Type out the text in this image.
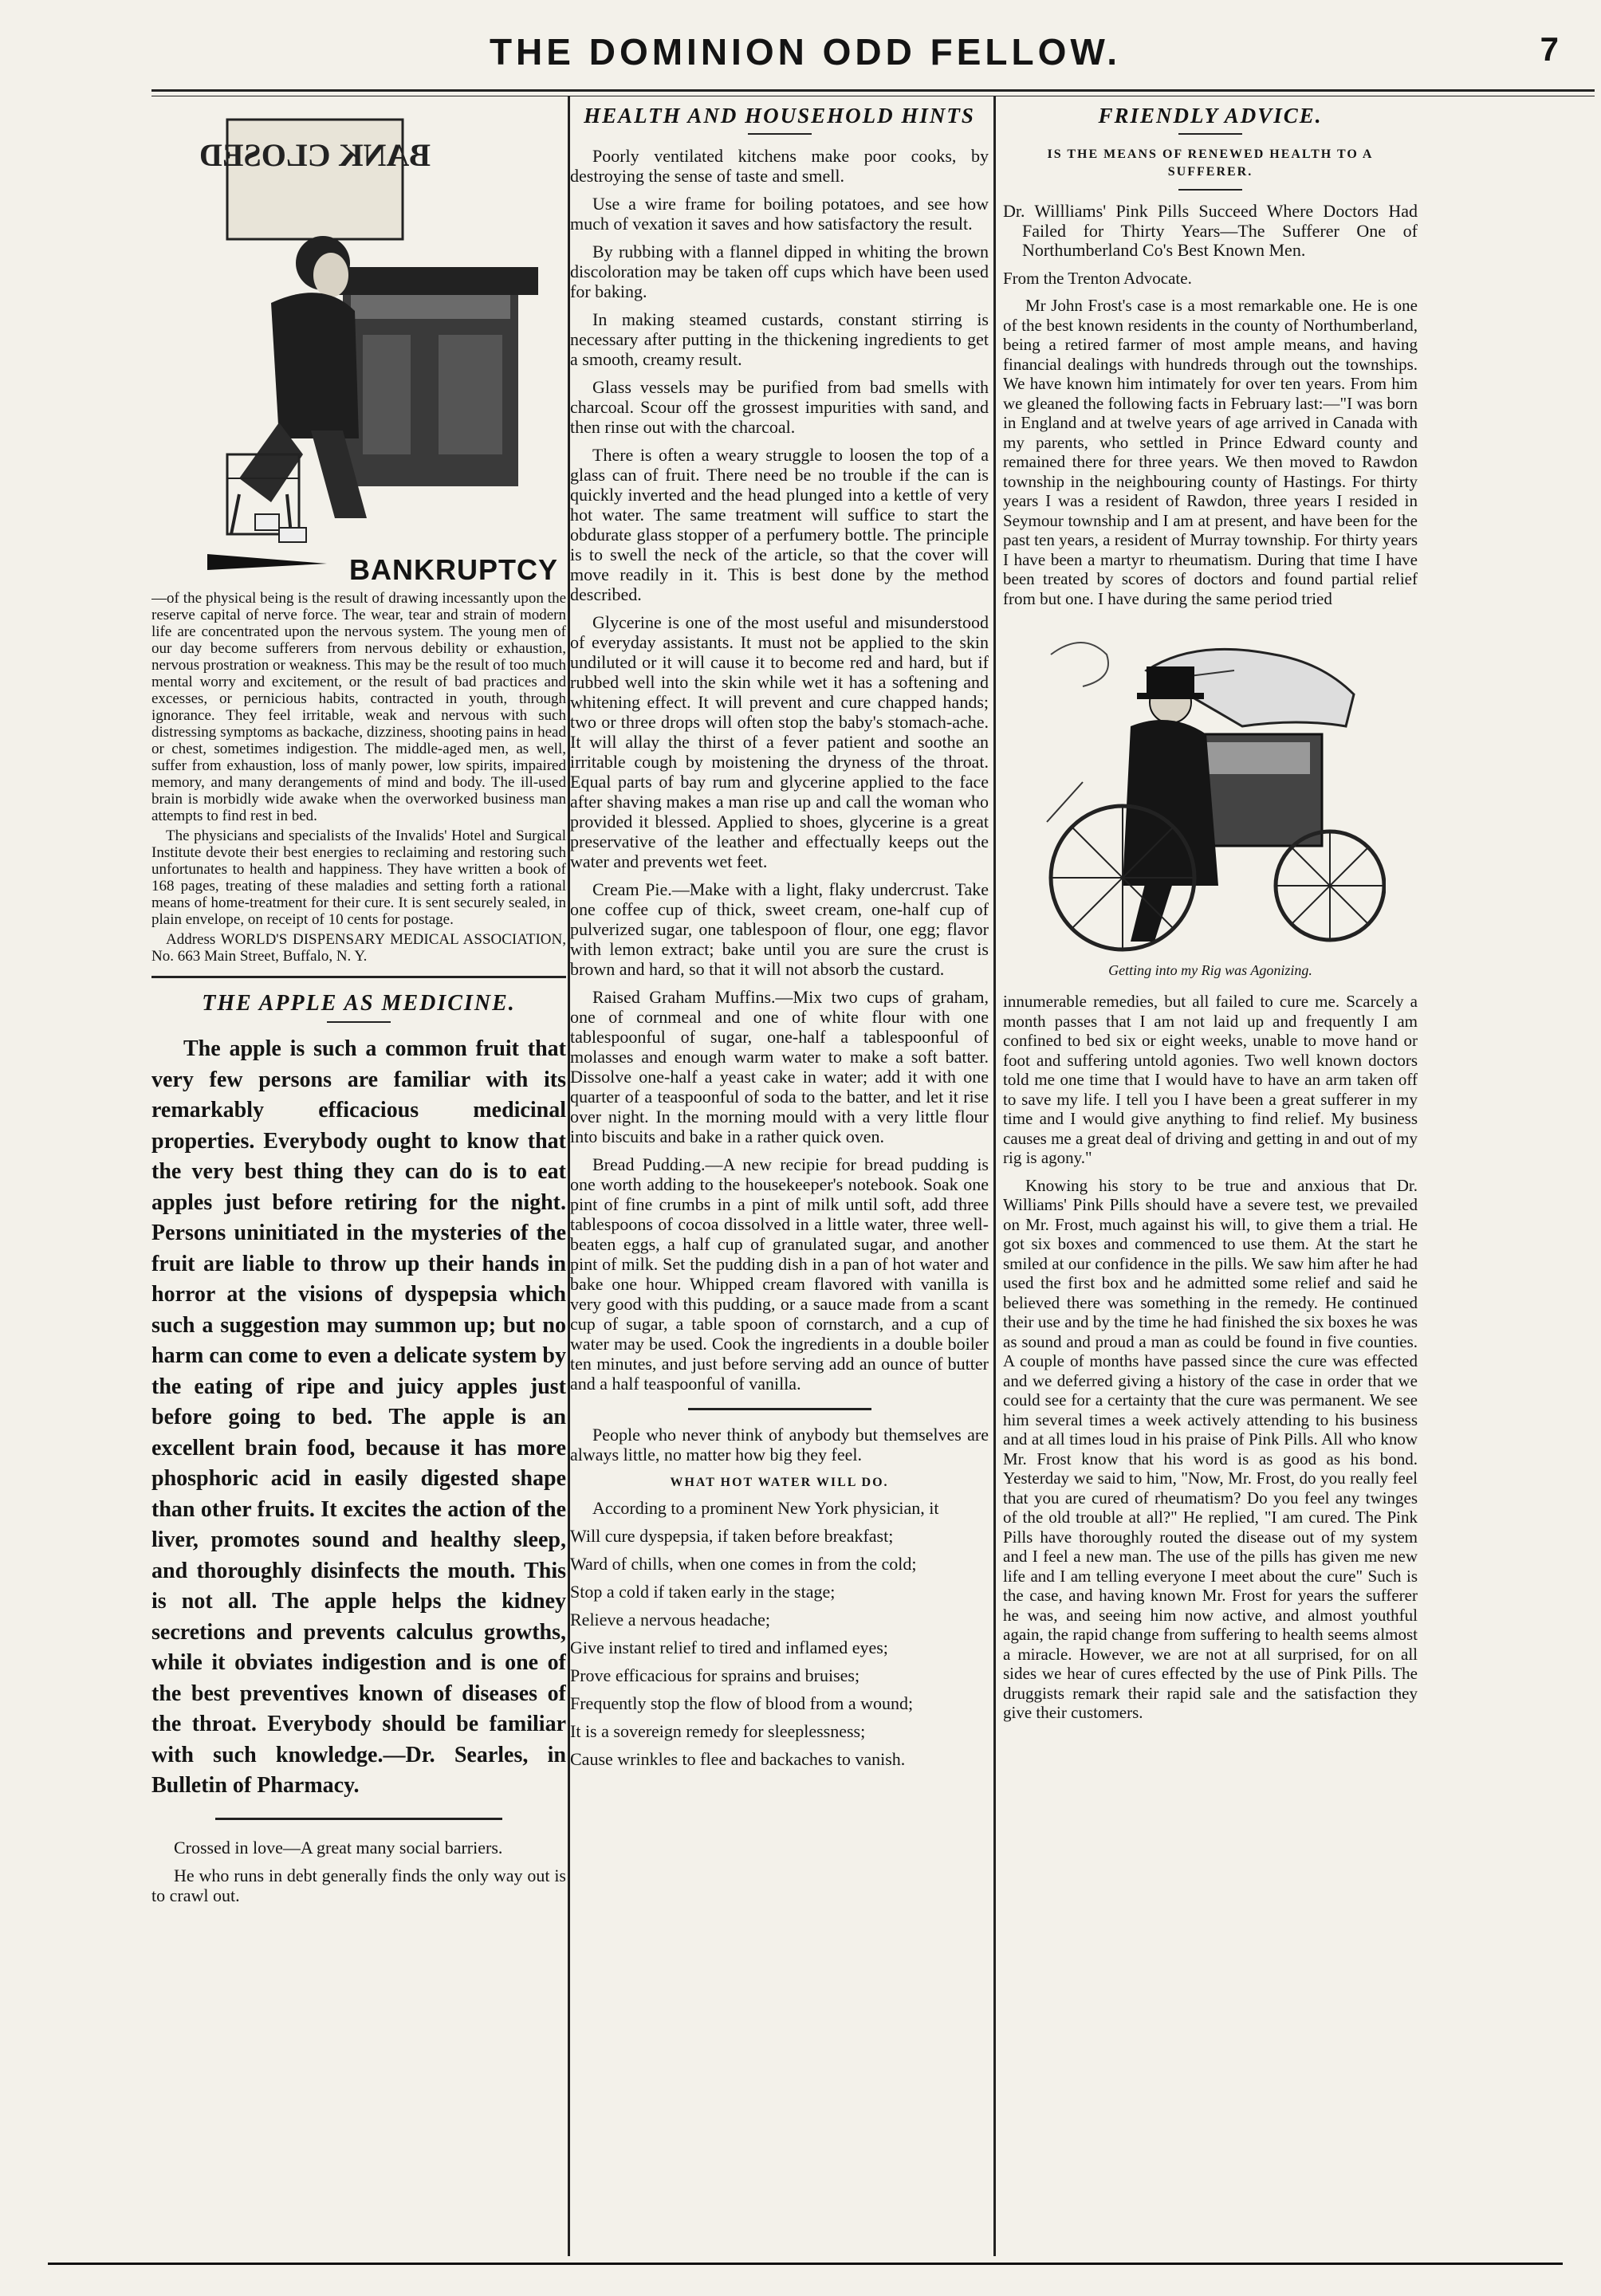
THE DOMINION ODD FELLOW.	7
BANK CLOSED
BANKRUPTCY

—of the physical being is the result of drawing incessantly upon the reserve capital of nerve force. The wear, tear and strain of modern life are concentrated upon the nervous system. The young men of our day become sufferers from nervous debility or exhaustion, nervous prostration or weakness. This may be the result of too much mental worry and excitement, or the result of bad practices and excesses, or pernicious habits, contracted in youth, through ignorance. They feel irritable, weak and nervous with such distressing symptoms as backache, dizziness, shooting pains in head or chest, sometimes indigestion. The middle-aged men, as well, suffer from exhaustion, loss of manly power, low spirits, impaired memory, and many derangements of mind and body. The ill-used brain is morbidly wide awake when the overworked business man attempts to find rest in bed.

The physicians and specialists of the Invalids' Hotel and Surgical Institute devote their best energies to reclaiming and restoring such unfortunates to health and happiness. They have written a book of 168 pages, treating of these maladies and setting forth a rational means of home-treatment for their cure. It is sent securely sealed, in plain envelope, on receipt of 10 cents for postage.

Address WORLD'S DISPENSARY MEDICAL ASSOCIATION, No. 663 Main Street, Buffalo, N. Y.

THE APPLE AS MEDICINE.

The apple is such a common fruit that very few persons are familiar with its remarkably efficacious medicinal properties. Everybody ought to know that the very best thing they can do is to eat apples just before retiring for the night. Persons uninitiated in the mysteries of the fruit are liable to throw up their hands in horror at the visions of dyspepsia which such a suggestion may summon up; but no harm can come to even a delicate system by the eating of ripe and juicy apples just before going to bed. The apple is an excellent brain food, because it has more phosphoric acid in easily digested shape than other fruits. It excites the action of the liver, promotes sound and healthy sleep, and thoroughly disinfects the mouth. This is not all. The apple helps the kidney secretions and prevents calculus growths, while it obviates indigestion and is one of the best preventives known of diseases of the throat. Everybody should be familiar with such knowledge.—Dr. Searles, in Bulletin of Pharmacy.

Crossed in love—A great many social barriers.

He who runs in debt generally finds the only way out is to crawl out.

HEALTH AND HOUSEHOLD HINTS

Poorly ventilated kitchens make poor cooks, by destroying the sense of taste and smell.

Use a wire frame for boiling potatoes, and see how much of vexation it saves and how satisfactory the result.

By rubbing with a flannel dipped in whiting the brown discoloration may be taken off cups which have been used for baking.

In making steamed custards, constant stirring is necessary after putting in the thickening ingredients to get a smooth, creamy result.

Glass vessels may be purified from bad smells with charcoal. Scour off the grossest impurities with sand, and then rinse out with the charcoal.

There is often a weary struggle to loosen the top of a glass can of fruit. There need be no trouble if the can is quickly inverted and the head plunged into a kettle of very hot water. The same treatment will suffice to start the obdurate glass stopper of a perfumery bottle. The principle is to swell the neck of the article, so that the cover will move readily in it. This is best done by the method described.

Glycerine is one of the most useful and misunderstood of everyday assistants. It must not be applied to the skin undiluted or it will cause it to become red and hard, but if rubbed well into the skin while wet it has a softening and whitening effect. It will prevent and cure chapped hands; two or three drops will often stop the baby's stomach-ache. It will allay the thirst of a fever patient and soothe an irritable cough by moistening the dryness of the throat. Equal parts of bay rum and glycerine applied to the face after shaving makes a man rise up and call the woman who provided it blessed. Applied to shoes, glycerine is a great preservative of the leather and effectually keeps out the water and prevents wet feet.

Cream Pie.—Make with a light, flaky undercrust. Take one coffee cup of thick, sweet cream, one-half cup of pulverized sugar, one tablespoon of flour, one egg; flavor with lemon extract; bake until you are sure the crust is brown and hard, so that it will not absorb the custard.

Raised Graham Muffins.—Mix two cups of graham, one of cornmeal and one of white flour with one tablespoonful of sugar, one-half a tablespoonful of molasses and enough warm water to make a soft batter. Dissolve one-half a yeast cake in water; add it with one quarter of a teaspoonful of soda to the batter, and let it rise over night. In the morning mould with a very little flour into biscuits and bake in a rather quick oven.

Bread Pudding.—A new recipie for bread pudding is one worth adding to the housekeeper's notebook. Soak one pint of fine crumbs in a pint of milk until soft, add three tablespoons of cocoa dissolved in a little water, three well-beaten eggs, a half cup of granulated sugar, and another pint of milk. Set the pudding dish in a pan of hot water and bake one hour. Whipped cream flavored with vanilla is very good with this pudding, or a sauce made from a scant cup of sugar, a table spoon of cornstarch, and a cup of water may be used. Cook the ingredients in a double boiler ten minutes, and just before serving add an ounce of butter and a half teaspoonful of vanilla.

People who never think of anybody but themselves are always little, no matter how big they feel.

WHAT HOT WATER WILL DO.

According to a prominent New York physician, it

Will cure dyspepsia, if taken before breakfast;

Ward of chills, when one comes in from the cold;

Stop a cold if taken early in the stage;

Relieve a nervous headache;

Give instant relief to tired and inflamed eyes;

Prove efficacious for sprains and bruises;

Frequently stop the flow of blood from a wound;

It is a sovereign remedy for sleeplessness;

Cause wrinkles to flee and backaches to vanish.

FRIENDLY ADVICE.

IS THE MEANS OF RENEWED HEALTH TO A SUFFERER.

Dr. Willliams' Pink Pills Succeed Where Doctors Had Failed for Thirty Years—The Sufferer One of Northumberland Co's Best Known Men.

From the Trenton Advocate.

Mr John Frost's case is a most remarkable one. He is one of the best known residents in the county of Northumberland, being a retired farmer of most ample means, and having financial dealings with hundreds through out the townships. We have known him intimately for over ten years. From him we gleaned the following facts in February last:—"I was born in England and at twelve years of age arrived in Canada with my parents, who settled in Prince Edward county and remained there for three years. We then moved to Rawdon township in the neighbouring county of Hastings. For thirty years I was a resident of Rawdon, three years I resided in Seymour township and I am at present, and have been for the past ten years, a resident of Murray township. For thirty years I have been a martyr to rheumatism. During that time I have been treated by scores of doctors and found partial relief from but one. I have during the same period tried

Getting into my Rig was Agonizing.

innumerable remedies, but all failed to cure me. Scarcely a month passes that I am not laid up and frequently I am confined to bed six or eight weeks, unable to move hand or foot and suffering untold agonies. Two well known doctors told me one time that I would have to have an arm taken off to save my life. I tell you I have been a great sufferer in my time and I would give anything to find relief. My business causes me a great deal of driving and getting in and out of my rig is agony."

Knowing his story to be true and anxious that Dr. Williams' Pink Pills should have a severe test, we prevailed on Mr. Frost, much against his will, to give them a trial. He got six boxes and commenced to use them. At the start he smiled at our confidence in the pills. We saw him after he had used the first box and he admitted some relief and said he believed there was something in the remedy. He continued their use and by the time he had finished the six boxes he was as sound and proud a man as could be found in five counties. A couple of months have passed since the cure was effected and we deferred giving a history of the case in order that we could see for a certainty that the cure was permanent. We see him several times a week actively attending to his business and at all times loud in his praise of Pink Pills. All who know Mr. Frost know that his word is as good as his bond. Yesterday we said to him, "Now, Mr. Frost, do you really feel that you are cured of rheumatism? Do you feel any twinges of the old trouble at all?" He replied, "I am cured. The Pink Pills have thoroughly routed the disease out of my system and I feel a new man. The use of the pills has given me new life and I am telling everyone I meet about the cure" Such is the case, and having known Mr. Frost for years the sufferer he was, and seeing him now active, and almost youthful again, the rapid change from suffering to health seems almost a miracle. However, we are not at all surprised, for on all sides we hear of cures effected by the use of Pink Pills. The druggists remark their rapid sale and the satisfaction they give their customers.
